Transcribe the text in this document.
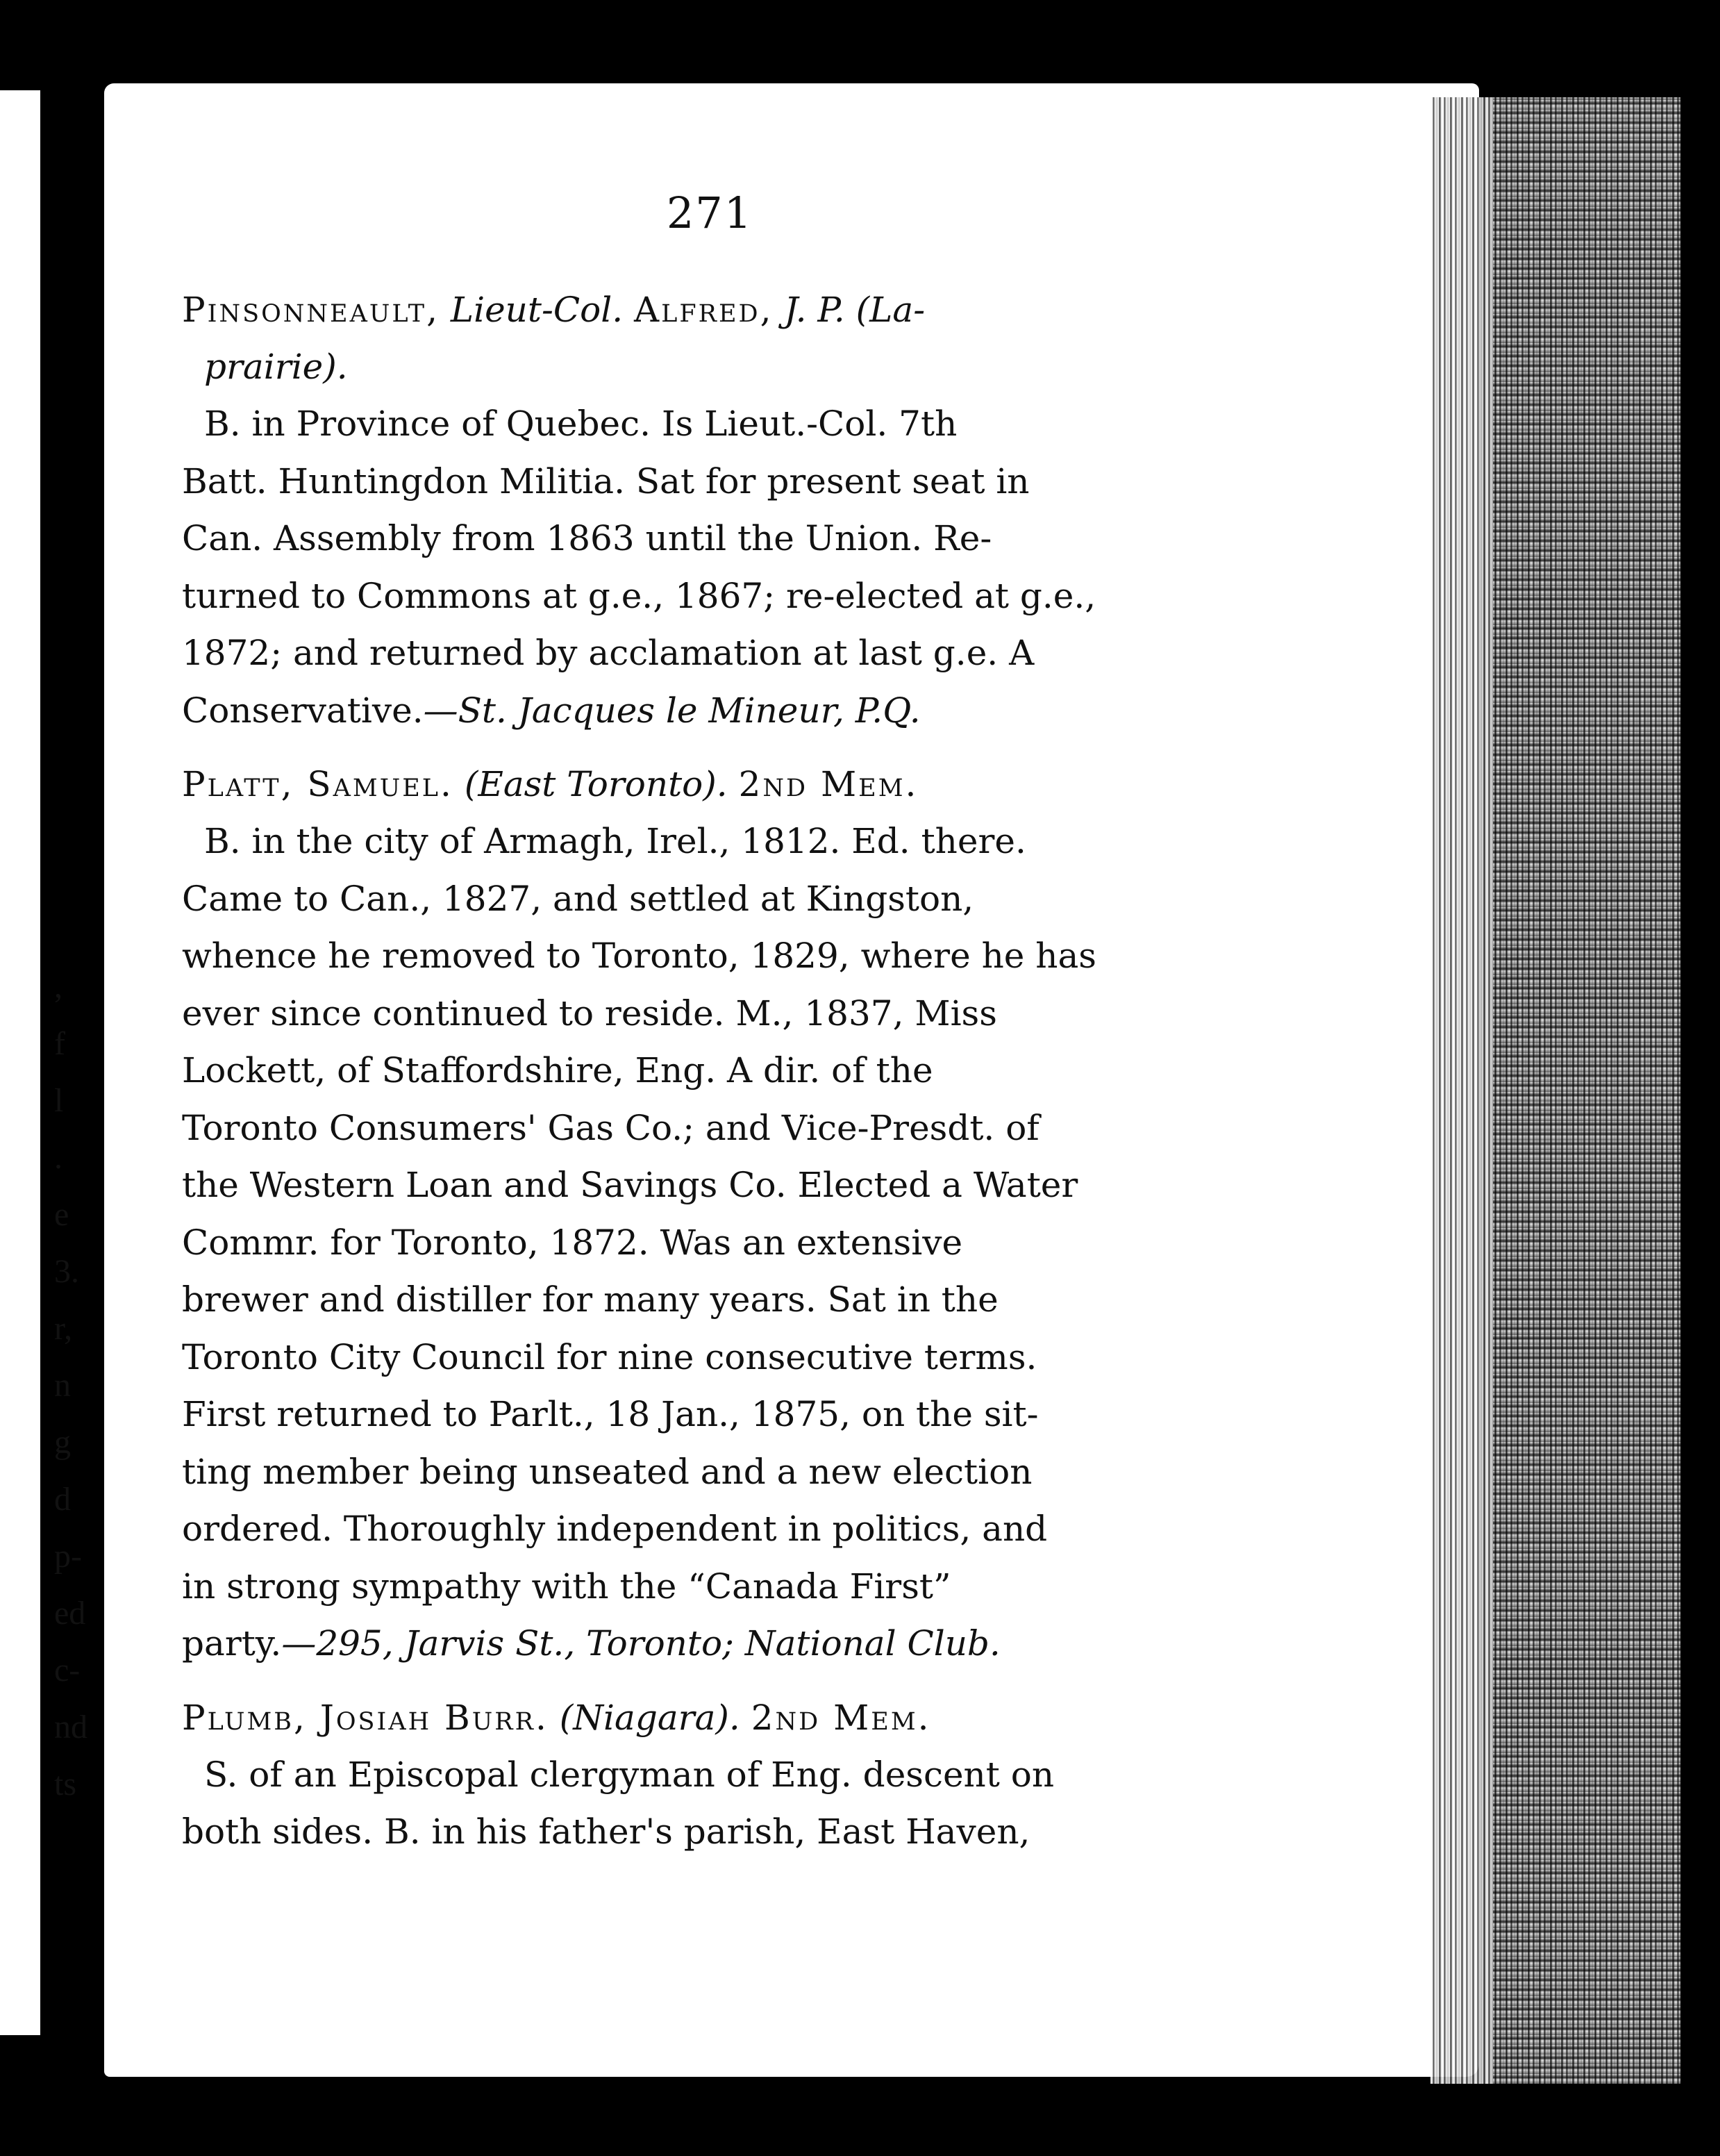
,
f
l
.
e
3.
r,
n
g
d
p-
ed
c-
nd
ts
271

Pinsonneault, Lieut-Col. Alfred, J. P. (La-
prairie).

B. in Province of Quebec. Is Lieut.-Col. 7th
Batt. Huntingdon Militia. Sat for present seat in
Can. Assembly from 1863 until the Union. Re-
turned to Commons at g.e., 1867; re-elected at g.e.,
1872; and returned by acclamation at last g.e. A
Conservative.—St. Jacques le Mineur, P.Q.

Platt, Samuel. (East Toronto). 2nd Mem.

B. in the city of Armagh, Irel., 1812. Ed. there.
Came to Can., 1827, and settled at Kingston,
whence he removed to Toronto, 1829, where he has
ever since continued to reside. M., 1837, Miss
Lockett, of Staffordshire, Eng. A dir. of the
Toronto Consumers' Gas Co.; and Vice-Presdt. of
the Western Loan and Savings Co. Elected a Water
Commr. for Toronto, 1872. Was an extensive
brewer and distiller for many years. Sat in the
Toronto City Council for nine consecutive terms.
First returned to Parlt., 18 Jan., 1875, on the sit-
ting member being unseated and a new election
ordered. Thoroughly independent in politics, and
in strong sympathy with the “Canada First”
party.—295, Jarvis St., Toronto; National Club.

Plumb, Josiah Burr. (Niagara). 2nd Mem.

S. of an Episcopal clergyman of Eng. descent on
both sides. B. in his father's parish, East Haven,
